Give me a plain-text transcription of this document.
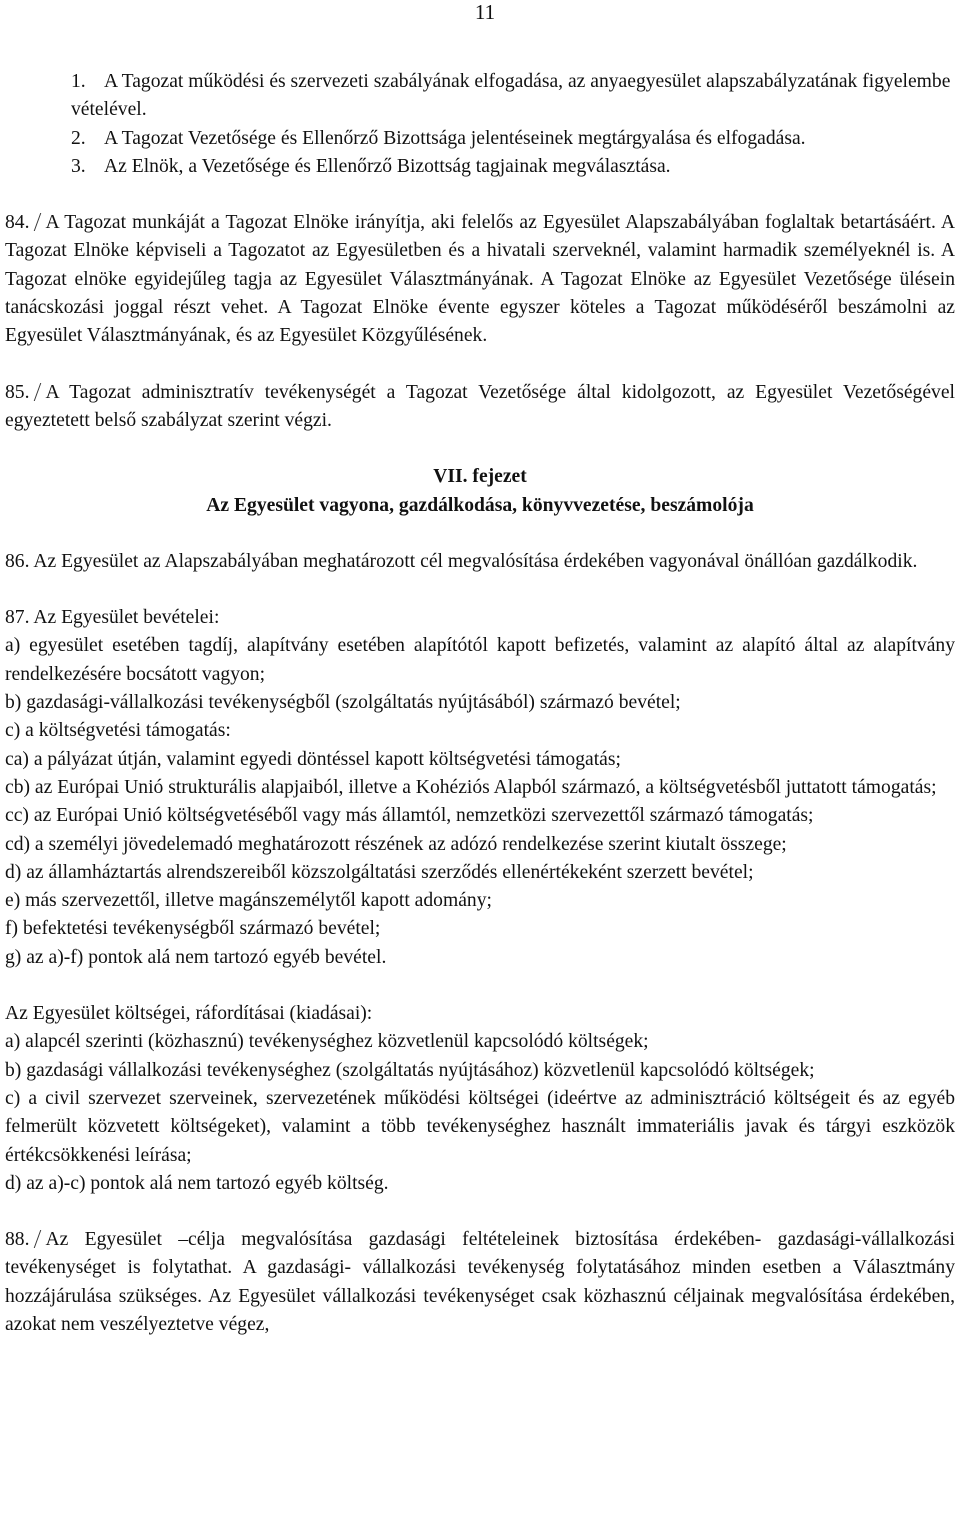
11
1. A Tagozat működési és szervezeti szabályának elfogadása, az anyaegyesület alapszabályzatának figyelembe vételével.
2. A Tagozat Vezetősége és Ellenőrző Bizottsága jelentéseinek megtárgyalása és elfogadása.
3. Az Elnök, a Vezetősége és Ellenőrző Bizottság tagjainak megválasztása.

84. A Tagozat munkáját a Tagozat Elnöke irányítja, aki felelős az Egyesület Alapszabályában foglaltak betartásáért. A Tagozat Elnöke képviseli a Tagozatot az Egyesületben és a hivatali szerveknél, valamint harmadik személyeknél is. A Tagozat elnöke egyidejűleg tagja az Egyesület Választmányának. A Tagozat Elnöke az Egyesület Vezetősége ülésein tanácskozási joggal részt vehet. A Tagozat Elnöke évente egyszer köteles a Tagozat működéséről beszámolni az Egyesület Választmányának, és az Egyesület Közgyűlésének.

85. A Tagozat adminisztratív tevékenységét a Tagozat Vezetősége által kidolgozott, az Egyesület Vezetőségével egyeztetett belső szabályzat szerint végzi.

VII. fejezet

Az Egyesület vagyona, gazdálkodása, könyvvezetése, beszámolója

86. Az Egyesület az Alapszabályában meghatározott cél megvalósítása érdekében vagyonával önállóan gazdálkodik.

87. Az Egyesület bevételei:

a) egyesület esetében tagdíj, alapítvány esetében alapítótól kapott befizetés, valamint az alapító által az alapítvány rendelkezésére bocsátott vagyon;

b) gazdasági-vállalkozási tevékenységből (szolgáltatás nyújtásából) származó bevétel;

c) a költségvetési támogatás:

ca) a pályázat útján, valamint egyedi döntéssel kapott költségvetési támogatás;

cb) az Európai Unió strukturális alapjaiból, illetve a Kohéziós Alapból származó, a költségvetésből juttatott támogatás;

cc) az Európai Unió költségvetéséből vagy más államtól, nemzetközi szervezettől származó támogatás;

cd) a személyi jövedelemadó meghatározott részének az adózó rendelkezése szerint kiutalt összege;

d) az államháztartás alrendszereiből közszolgáltatási szerződés ellenértékeként szerzett bevétel;

e) más szervezettől, illetve magánszemélytől kapott adomány;

f) befektetési tevékenységből származó bevétel;

g) az a)-f) pontok alá nem tartozó egyéb bevétel.

Az Egyesület költségei, ráfordításai (kiadásai):

a) alapcél szerinti (közhasznú) tevékenységhez közvetlenül kapcsolódó költségek;

b) gazdasági vállalkozási tevékenységhez (szolgáltatás nyújtásához) közvetlenül kapcsolódó költségek;

c) a civil szervezet szerveinek, szervezetének működési költségei (ideértve az adminisztráció költségeit és az egyéb felmerült közvetett költségeket), valamint a több tevékenységhez használt immateriális javak és tárgyi eszközök értékcsökkenési leírása;

d) az a)-c) pontok alá nem tartozó egyéb költség.

88. Az Egyesület –célja megvalósítása gazdasági feltételeinek biztosítása érdekében- gazdasági-vállalkozási tevékenységet is folytathat. A gazdasági- vállalkozási tevékenység folytatásához minden esetben a Választmány hozzájárulása szükséges. Az Egyesület vállalkozási tevékenységet csak közhasznú céljainak megvalósítása érdekében, azokat nem veszélyeztetve végez,
